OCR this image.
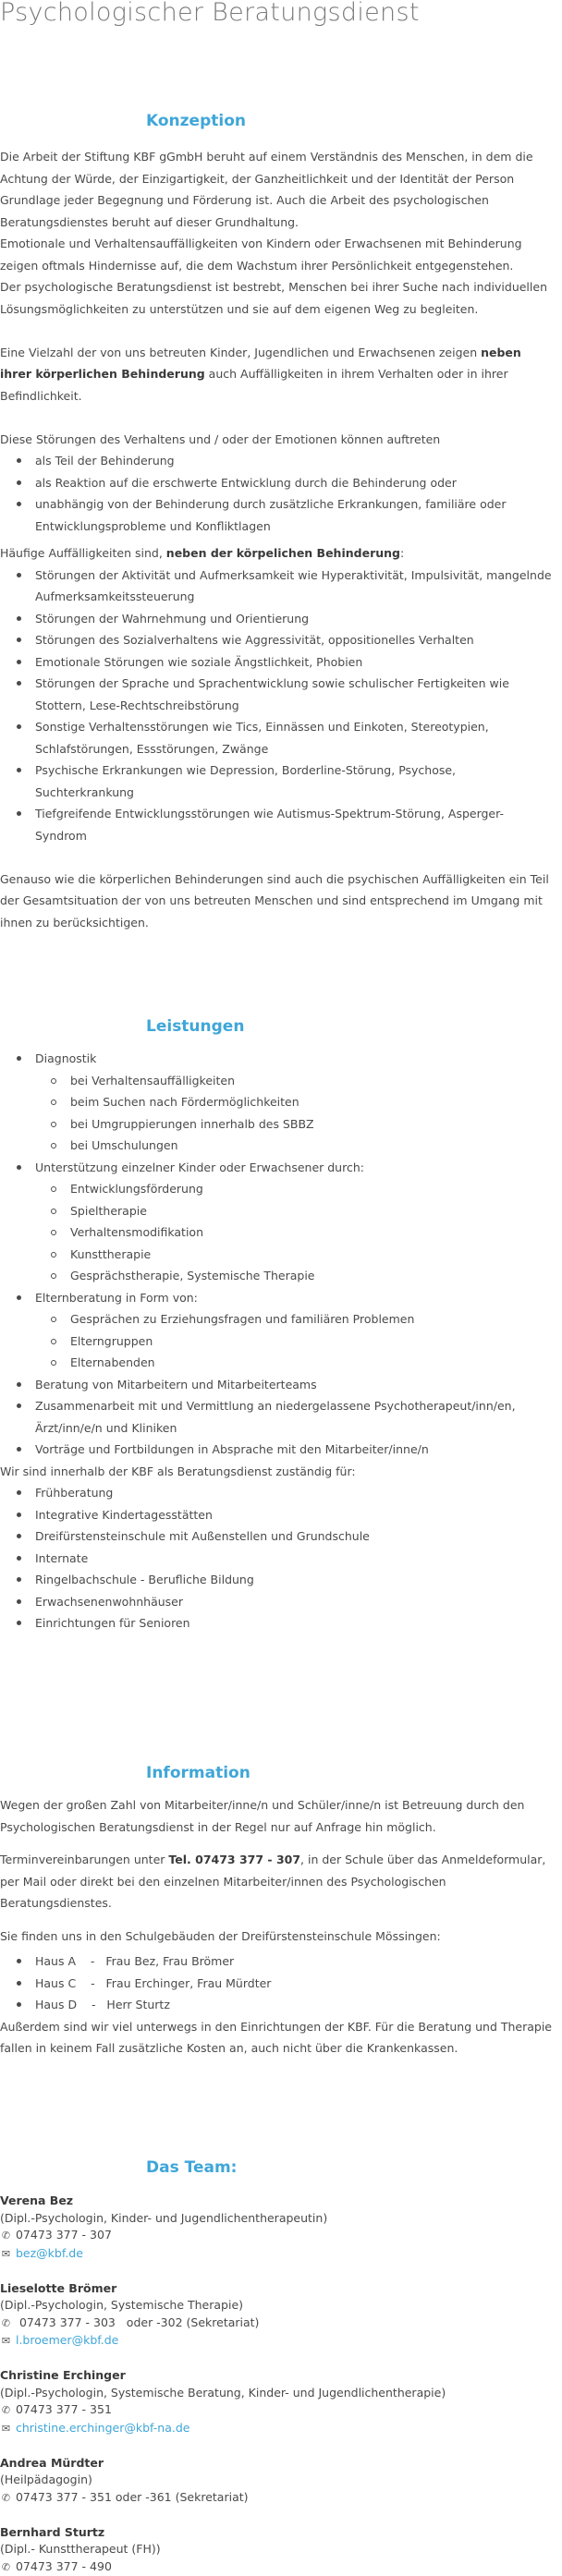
Psychologischer Beratungsdienst
Konzeption

Die Arbeit der Stiftung KBF gGmbH beruht auf einem Verständnis des Menschen, in dem die Achtung der Würde, der Einzigartigkeit, der Ganzheitlichkeit und der Identität der Person Grundlage jeder Begegnung und Förderung ist. Auch die Arbeit des psychologischen Beratungsdienstes beruht auf dieser Grundhaltung.

Emotionale und Verhaltensauffälligkeiten von Kindern oder Erwachsenen mit Behinderung zeigen oftmals Hindernisse auf, die dem Wachstum ihrer Persönlichkeit entgegenstehen.

Der psychologische Beratungsdienst ist bestrebt, Menschen bei ihrer Suche nach individuellen Lösungsmöglichkeiten zu unterstützen und sie auf dem eigenen Weg zu begleiten.

Eine Vielzahl der von uns betreuten Kinder, Jugendlichen und Erwachsenen zeigen neben ihrer körperlichen Behinderung auch Auffälligkeiten in ihrem Verhalten oder in ihrer Befindlichkeit.

Diese Störungen des Verhaltens und / oder der Emotionen können auftreten

als Teil der Behinderung
als Reaktion auf die erschwerte Entwicklung durch die Behinderung oder
unabhängig von der Behinderung durch zusätzliche Erkrankungen, familiäre oder Entwicklungsprobleme und Konfliktlagen

Häufige Auffälligkeiten sind, neben der körpelichen Behinderung:

Störungen der Aktivität und Aufmerksamkeit wie Hyperaktivität, Impulsivität, mangelnde Aufmerksamkeitssteuerung
Störungen der Wahrnehmung und Orientierung
Störungen des Sozialverhaltens wie Aggressivität, oppositionelles Verhalten
Emotionale Störungen wie soziale Ängstlichkeit, Phobien
Störungen der Sprache und Sprachentwicklung sowie schulischer Fertigkeiten wie Stottern, Lese-Rechtschreibstörung
Sonstige Verhaltensstörungen wie Tics, Einnässen und Einkoten, Stereotypien, Schlafstörungen, Essstörungen, Zwänge
Psychische Erkrankungen wie Depression, Borderline-Störung, Psychose, Suchterkrankung
Tiefgreifende Entwicklungsstörungen wie Autismus-Spektrum-Störung, Asperger-Syndrom

Genauso wie die körperlichen Behinderungen sind auch die psychischen Auffälligkeiten ein Teil der Gesamtsituation der von uns betreuten Menschen und sind entsprechend im Umgang mit ihnen zu berücksichtigen.

Leistungen
Diagnostik
bei Verhaltensauffälligkeiten
beim Suchen nach Fördermöglichkeiten
bei Umgruppierungen innerhalb des SBBZ
bei Umschulungen
Unterstützung einzelner Kinder oder Erwachsener durch:
Entwicklungsförderung
Spieltherapie
Verhaltensmodifikation
Kunsttherapie
Gesprächstherapie, Systemische Therapie
Elternberatung in Form von:
Gesprächen zu Erziehungsfragen und familiären Problemen
Elterngruppen
Elternabenden
Beratung von Mitarbeitern und Mitarbeiterteams
Zusammenarbeit mit und Vermittlung an niedergelassene Psychotherapeut/inn/en, Ärzt/inn/e/n und Kliniken
Vorträge und Fortbildungen in Absprache mit den Mitarbeiter/inne/n

Wir sind innerhalb der KBF als Beratungsdienst zuständig für:

Frühberatung
Integrative Kindertagesstätten
Dreifürstensteinschule mit Außenstellen und Grundschule
Internate
Ringelbachschule - Berufliche Bildung
Erwachsenenwohnhäuser
Einrichtungen für Senioren
Information

Wegen der großen Zahl von Mitarbeiter/inne/n und Schüler/inne/n ist Betreuung durch den Psychologischen Beratungsdienst in der Regel nur auf Anfrage hin möglich.

Terminvereinbarungen unter Tel. 07473 377 - 307, in der Schule über das Anmeldeformular, per Mail oder direkt bei den einzelnen Mitarbeiter/innen des Psychologischen Beratungsdienstes.

Sie finden uns in den Schulgebäuden der Dreifürstensteinschule Mössingen:

Haus A    -   Frau Bez, Frau Brömer
Haus C    -   Frau Erchinger, Frau Mürdter
Haus D    -   Herr Sturtz

Außerdem sind wir viel unterwegs in den Einrichtungen der KBF. Für die Beratung und Therapie fallen in keinem Fall zusätzliche Kosten an, auch nicht über die Krankenkassen.

Das Team:
Verena Bez
(Dipl.-Psychologin, Kinder- und Jugendlichentherapeutin)
✆ 07473 377 - 307
✉ bez@kbf.de
Lieselotte Brömer
(Dipl.-Psychologin, Systemische Therapie)
✆  07473 377 - 303   oder -302 (Sekretariat)
✉ l.broemer@kbf.de
Christine Erchinger
(Dipl.-Psychologin, Systemische Beratung, Kinder- und Jugendlichentherapie)
✆ 07473 377 - 351
✉ christine.erchinger@kbf-na.de
Andrea Mürdter
(Heilpädagogin)
✆ 07473 377 - 351 oder -361 (Sekretariat)
Bernhard Sturtz
(Dipl.- Kunsttherapeut (FH))
✆ 07473 377 - 490
